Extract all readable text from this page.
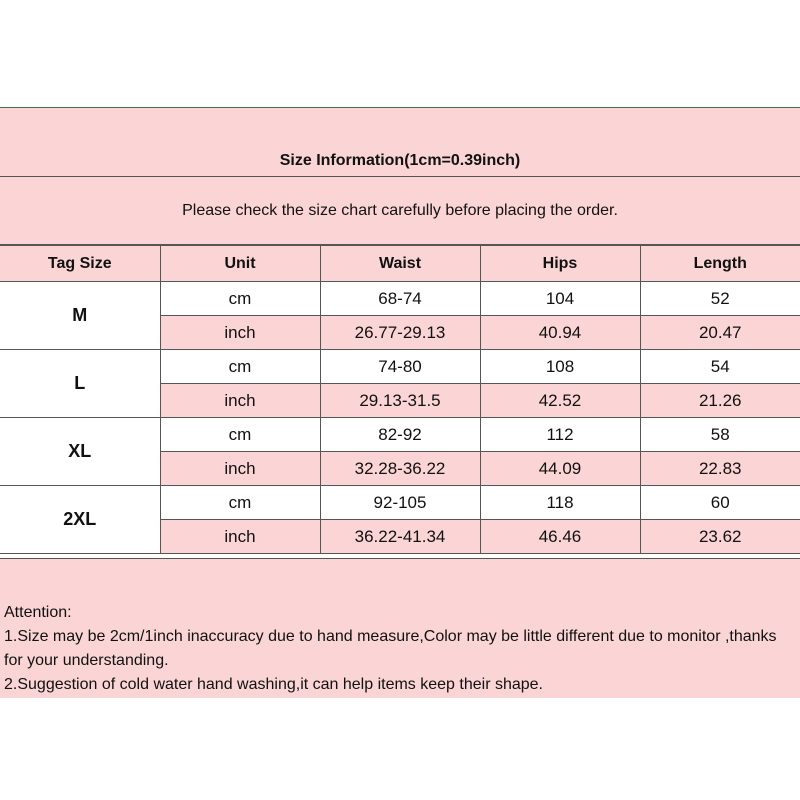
Size Information(1cm=0.39inch)
Please check the size chart carefully before placing the order.
Tag Size	Unit	Waist	Hips	Length
M	cm	68-74	104	52
	inch	26.77-29.13	40.94	20.47
L	cm	74-80	108	54
	inch	29.13-31.5	42.52	21.26
XL	cm	82-92	112	58
	inch	32.28-36.22	44.09	22.83
2XL	cm	92-105	118	60
	inch	36.22-41.34	46.46	23.62

Attention:

1.Size may be 2cm/1inch inaccuracy due to hand measure,Color may be little different due to monitor ,thanks for your understanding.

2.Suggestion of cold water hand washing,it can help items keep their shape.
